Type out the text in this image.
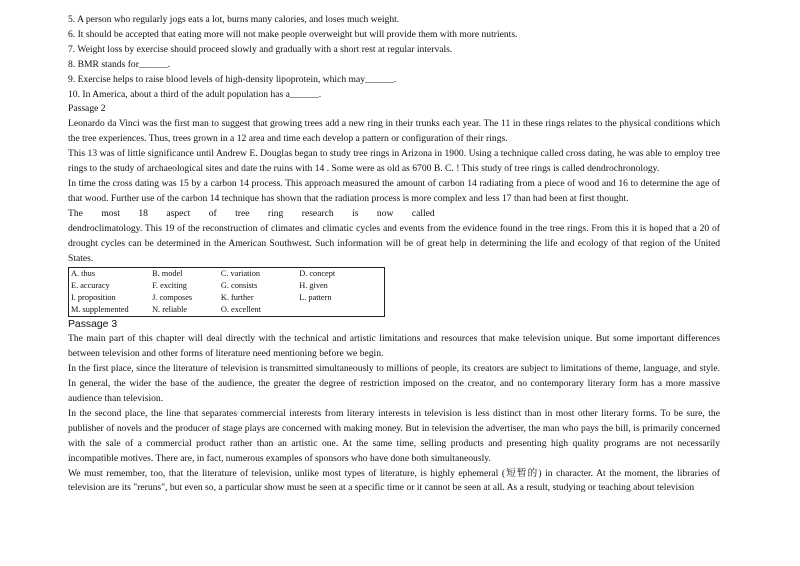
5. A person who regularly jogs eats a lot, burns many calories, and loses much weight.
6. It should be accepted that eating more will not make people overweight but will provide them with more nutrients.
7. Weight loss by exercise should proceed slowly and gradually with a short rest at regular intervals.
8. BMR stands for______.
9. Exercise helps to raise blood levels of high-density lipoprotein, which may______.
10. In America, about a third of the adult population has a______.
Passage 2

Leonardo da Vinci was the first man to suggest that growing trees add a new ring in their trunks each year. The 11 in these rings relates to the physical conditions which the tree experiences. Thus, trees grown in a 12 area and time each develop a pattern or configuration of their rings.

This 13 was of little significance until Andrew E. Douglas began to study tree rings in Arizona in 1900. Using a technique called cross dating, he was able to employ tree rings to the study of archaeological sites and date the ruins with 14 . Some were as old as 6700 B. C. ! This study of tree rings is called dendrochronology.

In time the cross dating was 15 by a carbon 14 process. This approach measured the amount of carbon 14 radiating from a piece of wood and 16 to determine the age of that wood. Further use of the carbon 14 technique has shown that the radiation process is more complex and less 17 than had been at first thought.

The most 18 aspect of tree ring research is now called

dendroclimatology. This 19 of the reconstruction of climates and climatic cycles and events from the evidence found in the tree rings. From this it is hoped that a 20 of drought cycles can be determined in the American Southwest. Such information will be of great help in determining the life and ecology of that region of the United States.

A. thus	B. model	C. variation	D. concept
E. accuracy	F. exciting	G. consists	H. given
I. proposition	J. composes	K. further	L. pattern
M. supplemented	N. reliable	O. excellent	
Passage 3

The main part of this chapter will deal directly with the technical and artistic limitations and resources that make television unique. But some important differences between television and other forms of literature need mentioning before we begin.

In the first place, since the literature of television is transmitted simultaneously to millions of people, its creators are subject to limitations of theme, language, and style. In general, the wider the base of the audience, the greater the degree of restriction imposed on the creator, and no contemporary literary form has a more massive audience than television.

In the second place, the line that separates commercial interests from literary interests in television is less distinct than in most other literary forms. To be sure, the publisher of novels and the producer of stage plays are concerned with making money. But in television the advertiser, the man who pays the bill, is primarily concerned with the sale of a commercial product rather than an artistic one. At the same time, selling products and presenting high quality programs are not necessarily incompatible motives. There are, in fact, numerous examples of sponsors who have done both simultaneously.

We must remember, too, that the literature of television, unlike most types of literature, is highly ephemeral (短暂的) in character. At the moment, the libraries of television are its "reruns", but even so, a particular show must be seen at a specific time or it cannot be seen at all. As a result, studying or teaching about television
